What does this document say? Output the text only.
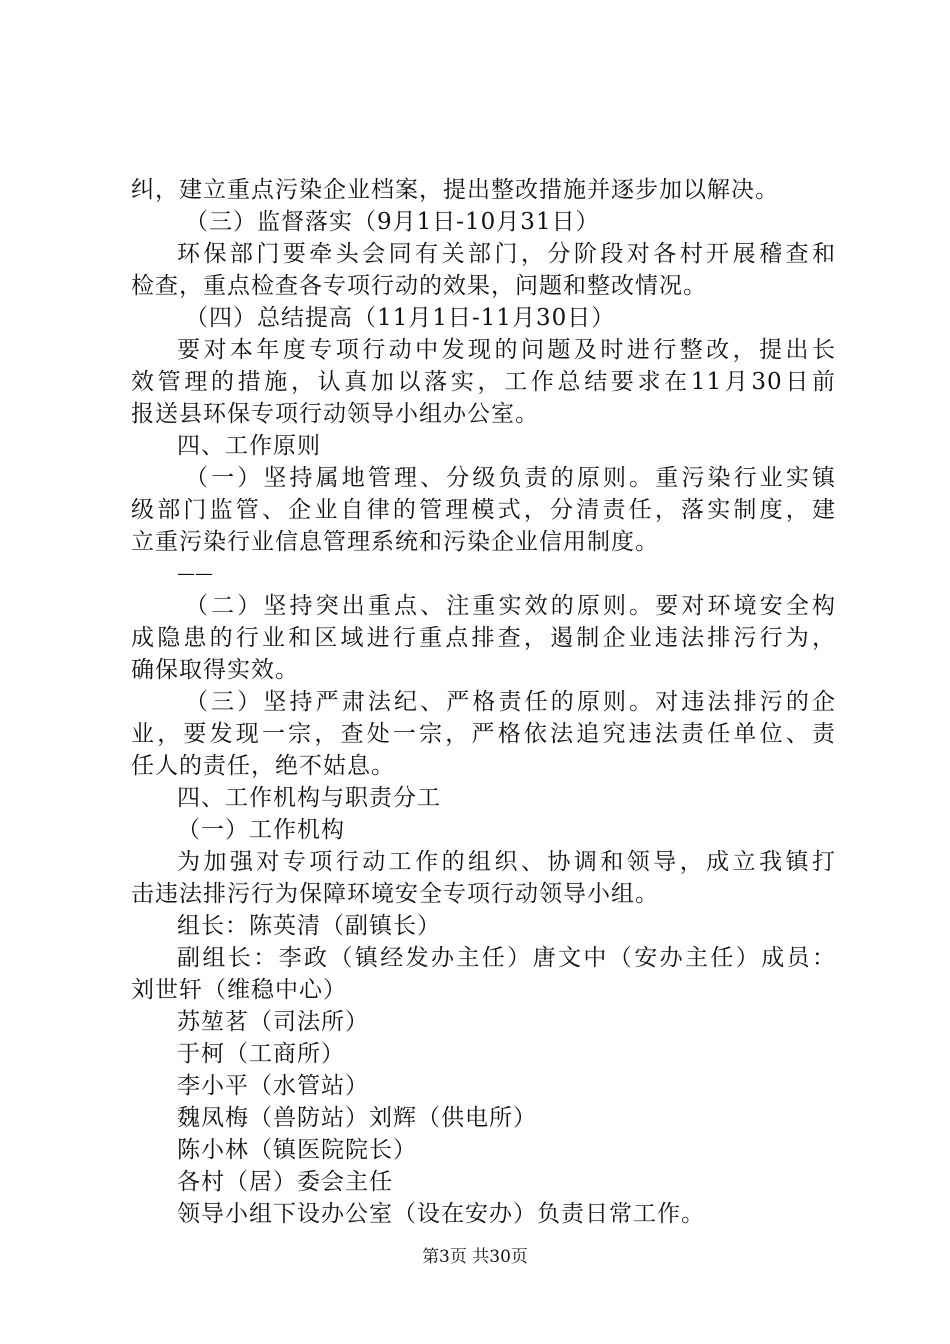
纠，建立重点污染企业档案，提出整改措施并逐步加以解决。
（三）监督落实（9月1日-10月31日）
环保部门要牵头会同有关部门，分阶段对各村开展稽查和
检查，重点检查各专项行动的效果，问题和整改情况。
（四）总结提高（11月1日-11月30日）
要对本年度专项行动中发现的问题及时进行整改，提出长
效管理的措施，认真加以落实，工作总结要求在11月30日前
报送县环保专项行动领导小组办公室。
四、工作原则
（一）坚持属地管理、分级负责的原则。重污染行业实镇
级部门监管、企业自律的管理模式，分清责任，落实制度，建
立重污染行业信息管理系统和污染企业信用制度。
——
（二）坚持突出重点、注重实效的原则。要对环境安全构
成隐患的行业和区域进行重点排查，遏制企业违法排污行为，
确保取得实效。
（三）坚持严肃法纪、严格责任的原则。对违法排污的企
业，要发现一宗，查处一宗，严格依法追究违法责任单位、责
任人的责任，绝不姑息。
四、工作机构与职责分工
（一）工作机构
为加强对专项行动工作的组织、协调和领导，成立我镇打
击违法排污行为保障环境安全专项行动领导小组。
组长：陈英清（副镇长）
副组长：李政（镇经发办主任）唐文中（安办主任）成员：
刘世轩（维稳中心）
苏堃茗（司法所）
于柯（工商所）
李小平（水管站）
魏凤梅（兽防站）刘辉（供电所）
陈小林（镇医院院长）
各村（居）委会主任
领导小组下设办公室（设在安办）负责日常工作。
第3页 共30页
